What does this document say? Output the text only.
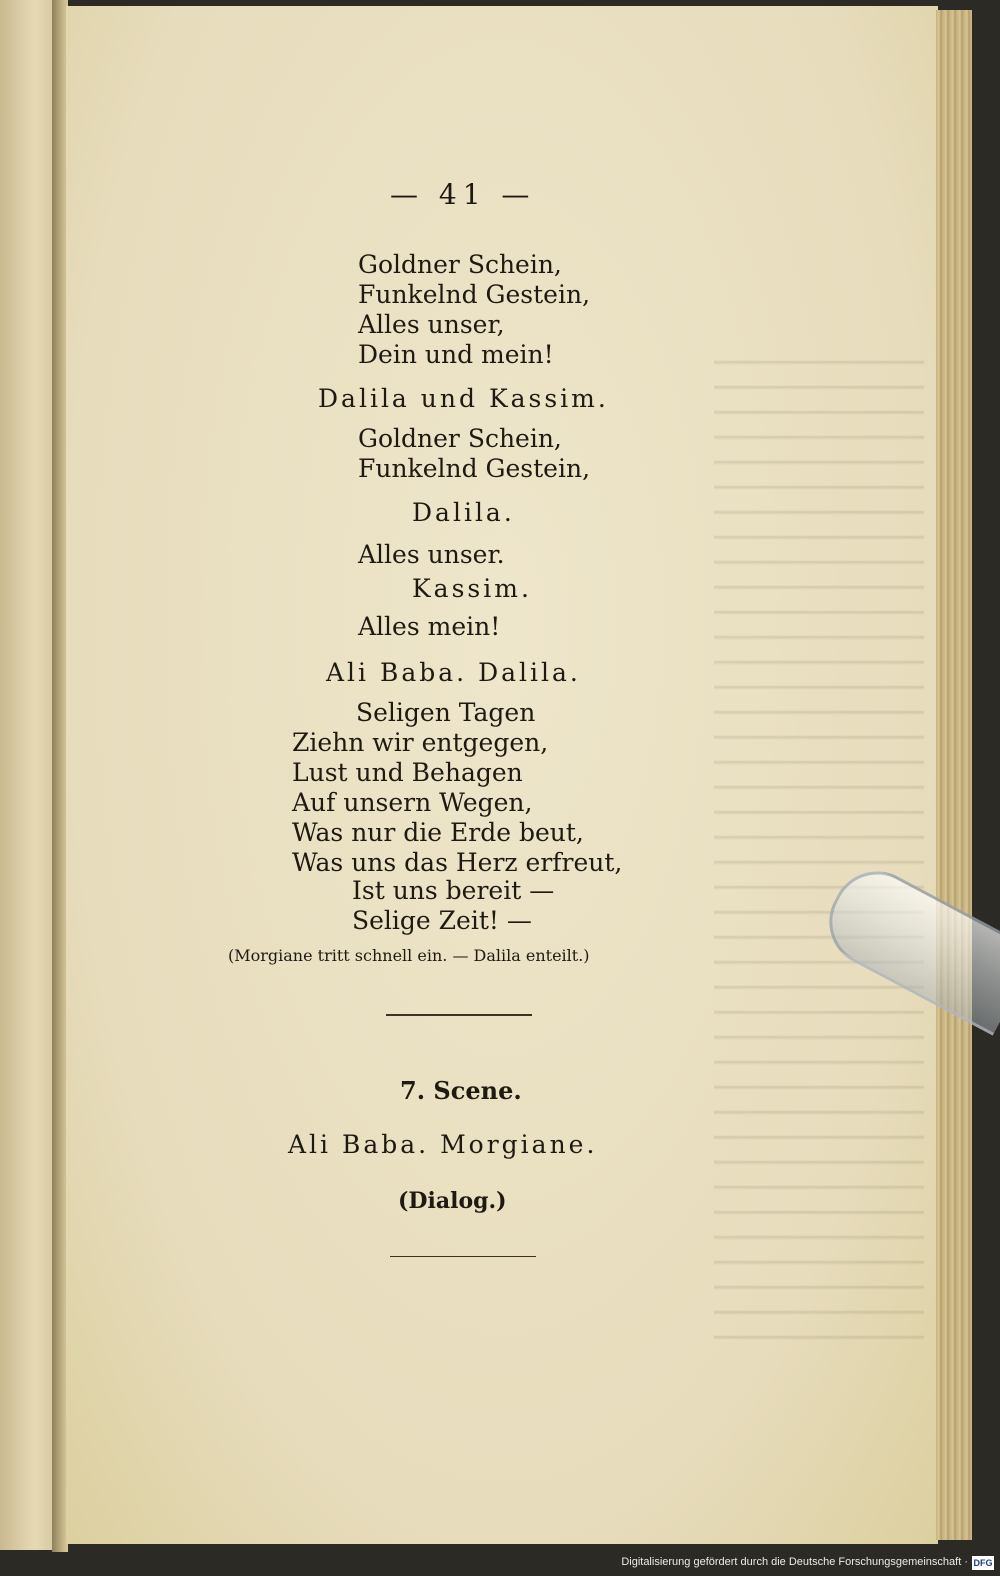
— 41 —
Goldner Schein,
Funkelnd Gestein,
Alles unser,
Dein und mein!
Dalila und Kassim.
Goldner Schein,
Funkelnd Gestein,
Dalila.
Alles unser.
Kassim.
Alles mein!
Ali Baba. Dalila.
Seligen Tagen
Ziehn wir entgegen,
Lust und Behagen
Auf unsern Wegen,
Was nur die Erde beut,
Was uns das Herz erfreut,
Ist uns bereit —
Selige Zeit! —
(Morgiane tritt schnell ein. — Dalila enteilt.)
7. Scene.
Ali Baba. Morgiane.
(Dialog.)
Digitalisierung gefördert durch die Deutsche Forschungsgemeinschaft · DFG
